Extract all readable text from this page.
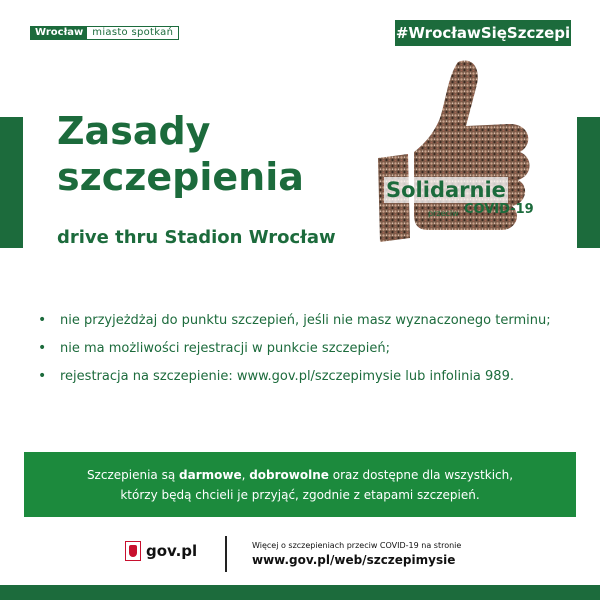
Wrocław miasto spotkań	#WrocławSięSzczepi
Zasady
szczepienia
drive thru Stadion Wrocław
Solidarnie
przeciw COVID-19
• nie przyjeżdżaj do punktu szczepień, jeśli nie masz wyznaczonego terminu;
• nie ma możliwości rejestracji w punkcie szczepień;
• rejestracja na szczepienie: www.gov.pl/szczepimysie lub infolinia 989.
Szczepienia są darmowe, dobrowolne oraz dostępne dla wszystkich,
którzy będą chcieli je przyjąć, zgodnie z etapami szczepień.
gov.pl	Więcej o szczepieniach przeciw COVID-19 na stronie
www.gov.pl/web/szczepimysie
